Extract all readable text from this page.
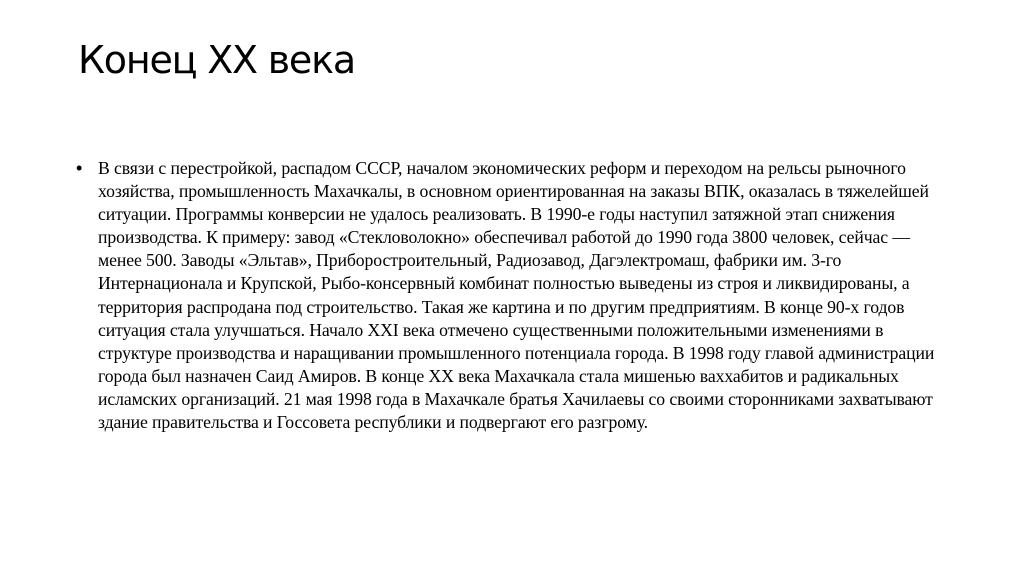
Конец XX века
• В связи с перестройкой, распадом СССР, началом экономических реформ и переходом на рельсы рыночного хозяйства, промышленность Махачкалы, в основном ориентированная на заказы ВПК, оказалась в тяжелейшей ситуации. Программы конверсии не удалось реализовать. В 1990-е годы наступил затяжной этап снижения производства. К примеру: завод «Стекловолокно» обеспечивал работой до 1990 года 3800 человек, сейчас — менее 500. Заводы «Эльтав», Приборостроительный, Радиозавод, Дагэлектромаш, фабрики им. 3-го Интернационала и Крупской, Рыбо-консервный комбинат полностью выведены из строя и ликвидированы, а территория распродана под строительство. Такая же картина и по другим предприятиям. В конце 90-х годов ситуация стала улучшаться. Начало XXI века отмечено существенными положительными изменениями в структуре производства и наращивании промышленного потенциала города. В 1998 году главой администрации города был назначен Саид Амиров. В конце XX века Махачкала стала мишенью ваххабитов и радикальных исламских организаций. 21 мая 1998 года в Махачкале братья Хачилаевы со своими сторонниками захватывают здание правительства и Госсовета республики и подвергают его разгрому.
